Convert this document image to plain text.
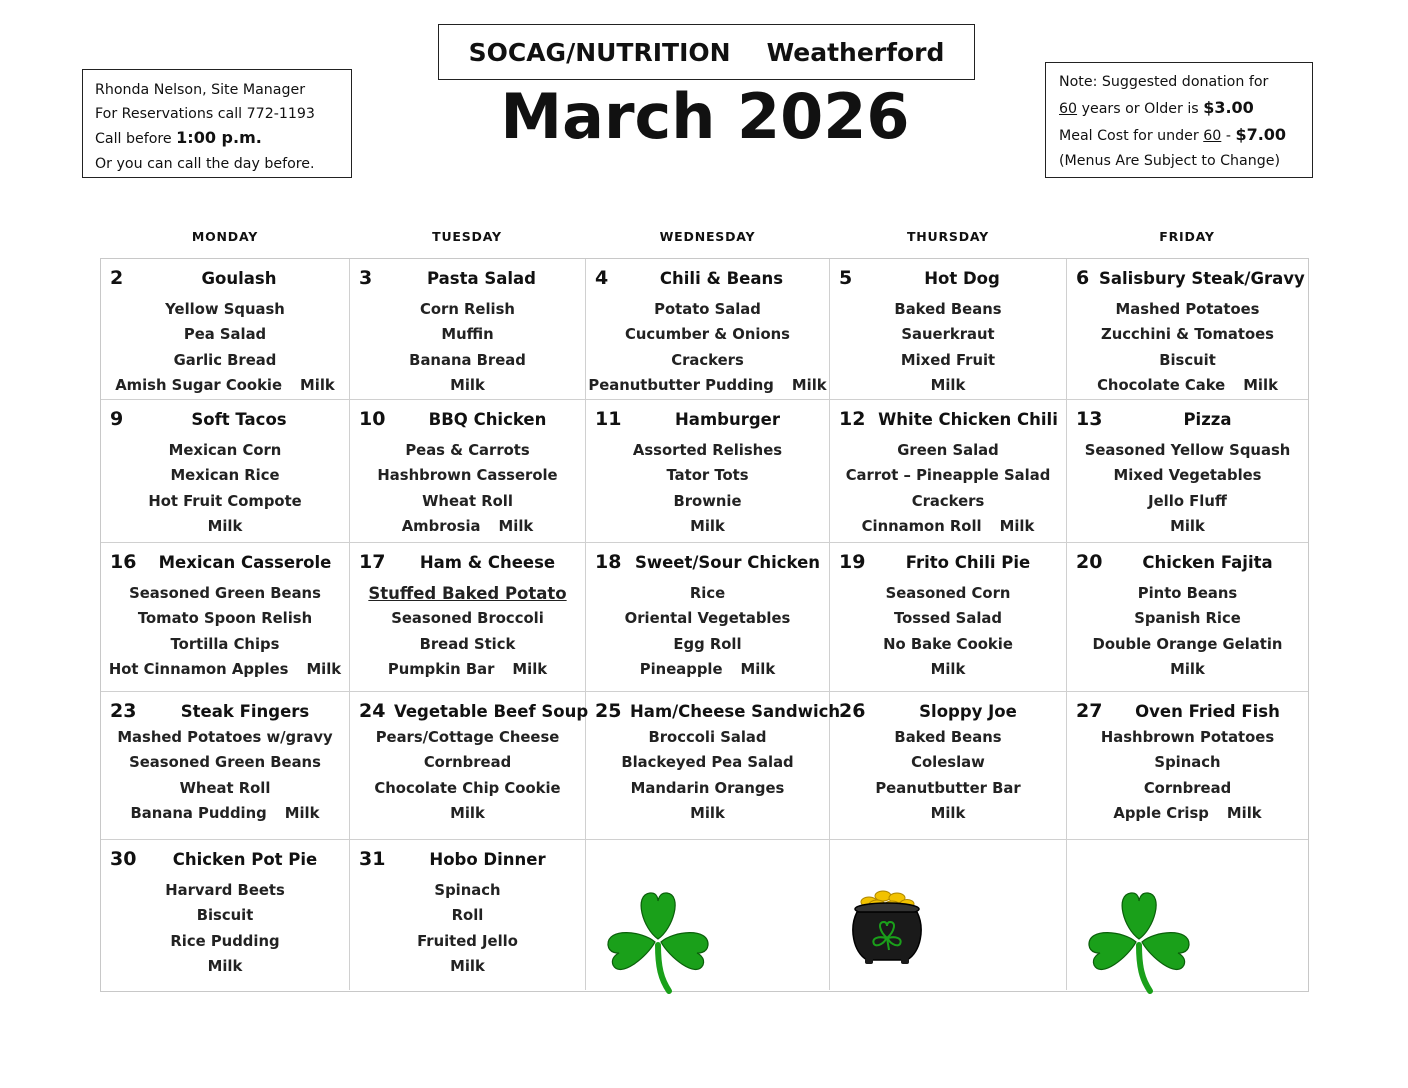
SOCAG/NUTRITION Weatherford
March 2026
Rhonda Nelson, Site Manager
For Reservations call 772-1193
Call before 1:00 p.m.
Or you can call the day before.
Note: Suggested donation for
60 years or Older is $3.00
Meal Cost for under 60 - $7.00
(Menus Are Subject to Change)
MONDAY	TUESDAY	WEDNESDAY	THURSDAY	FRIDAY
2	Goulash
Yellow Squash
Pea Salad
Garlic Bread
Amish Sugar Cookie Milk
3	Pasta Salad
Corn Relish
Muffin
Banana Bread
Milk
4	Chili & Beans
Potato Salad
Cucumber & Onions
Crackers
Peanutbutter Pudding Milk
5	Hot Dog
Baked Beans
Sauerkraut
Mixed Fruit
Milk
6 Salisbury Steak/Gravy
Mashed Potatoes
Zucchini & Tomatoes
Biscuit
Chocolate Cake Milk
9	Soft Tacos
Mexican Corn
Mexican Rice
Hot Fruit Compote
Milk
10	BBQ Chicken
Peas & Carrots
Hashbrown Casserole
Wheat Roll
Ambrosia Milk
11	Hamburger
Assorted Relishes
Tator Tots
Brownie
Milk
12 White Chicken Chili
Green Salad
Carrot – Pineapple Salad
Crackers
Cinnamon Roll Milk
13	Pizza
Seasoned Yellow Squash
Mixed Vegetables
Jello Fluff
Milk
16	Mexican Casserole
Seasoned Green Beans
Tomato Spoon Relish
Tortilla Chips
Hot Cinnamon Apples Milk
17	Ham & Cheese
Stuffed Baked Potato
Seasoned Broccoli
Bread Stick
Pumpkin Bar Milk
18 Sweet/Sour Chicken
Rice
Oriental Vegetables
Egg Roll
Pineapple Milk
19	Frito Chili Pie
Seasoned Corn
Tossed Salad
No Bake Cookie
Milk
20	Chicken Fajita
Pinto Beans
Spanish Rice
Double Orange Gelatin
Milk
23	Steak Fingers
Mashed Potatoes w/gravy
Seasoned Green Beans
Wheat Roll
Banana Pudding Milk
24 Vegetable Beef Soup
Pears/Cottage Cheese
Cornbread
Chocolate Chip Cookie
Milk
25 Ham/Cheese Sandwich
Broccoli Salad
Blackeyed Pea Salad
Mandarin Oranges
Milk
26	Sloppy Joe
Baked Beans
Coleslaw
Peanutbutter Bar
Milk
27	Oven Fried Fish
Hashbrown Potatoes
Spinach
Cornbread
Apple Crisp Milk
30	Chicken Pot Pie
Harvard Beets
Biscuit
Rice Pudding
Milk
31	Hobo Dinner
Spinach
Roll
Fruited Jello
Milk
